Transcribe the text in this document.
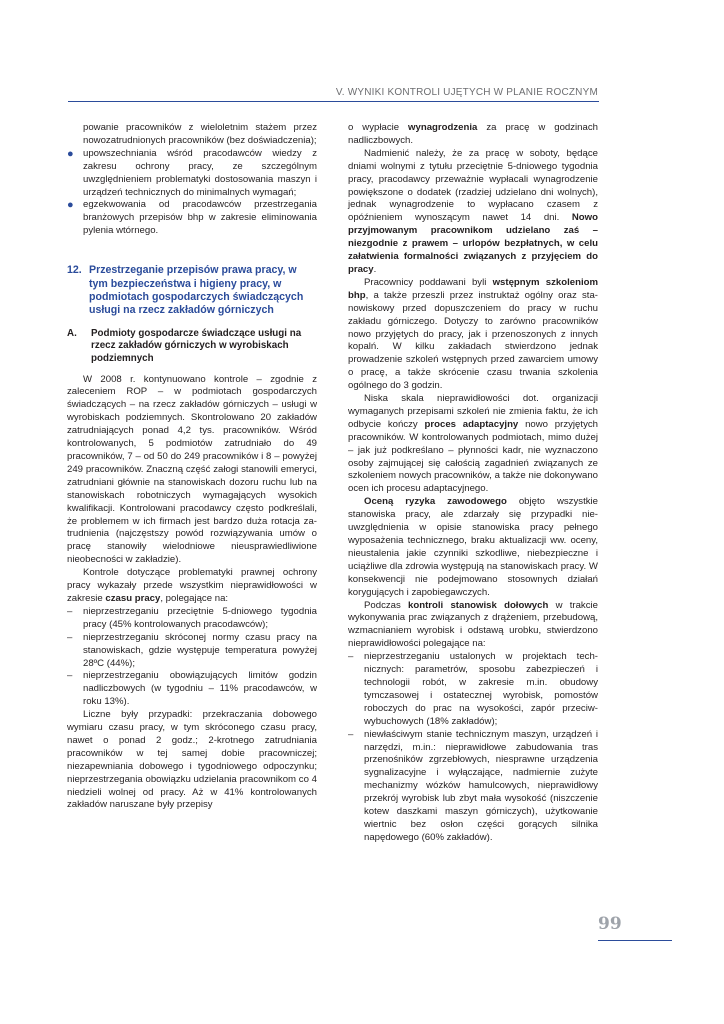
V. WYNIKI KONTROLI UJĘTYCH W PLANIE ROCZNYM

powanie pracowników z wieloletnim stażem przez nowozatrudnionych pracowników (bez doświadczenia);

● upowszechniania wśród pracodawców wiedzy z zakresu ochrony pracy, ze szczególnym uwzględnieniem problematyki dostosowania maszyn i urządzeń technicznych do minimalnych wymagań;
● egzekwowania od pracodawców przestrzegania branżowych przepisów bhp w zakresie eliminowania pylenia wtórnego.
12. Przestrzeganie przepisów prawa pracy, w tym bezpieczeństwa i higieny pracy, w podmiotach gospodarczych świadczących usługi na rzecz zakładów górniczych
A.	Podmioty gospodarcze świadczące usługi na rzecz zakładów górniczych w wyrobiskach podziemnych

W 2008 r. kontynuowano kontrole – zgodnie z zaleceniem ROP – w podmiotach gospodarczych świadczących – na rzecz zakładów górniczych – usługi w wyrobiskach podziemnych. Skontrolowano 20 zakładów zatrudniających ponad 4,2 tys. pracowników. Wśród kontrolowanych, 5 podmiotów zatrudniało do 49 pracowników, 7 – od 50 do 249 pracowników i 8 – powyżej 249 pracowników. Znaczną część załogi stanowili emeryci, zatrudniani głównie na stanowiskach dozoru ruchu lub na stanowiskach robotniczych wymagających wysokich kwalifikacji. Kontrolowani pracodawcy często podkreślali, że problemem w ich firmach jest bardzo duża rotacja zatrudnienia (najczęstszy powód rozwiązywania umów o pracę stanowiły wielodniowe nieusprawiedliwione nieobecności w zakładzie).

Kontrole dotyczące problematyki prawnej ochrony pracy wykazały przede wszystkim nieprawidłowości w zakresie czasu pracy, polegające na:

– nieprzestrzeganiu przeciętnie 5-dniowego tygodnia pracy (45% kontrolowanych pracodawców);
– nieprzestrzeganiu skróconej normy czasu pracy na stanowiskach, gdzie występuje temperatura powyżej 28ºC (44%);
– nieprzestrzeganiu obowiązujących limitów godzin nadliczbowych (w tygodniu – 11% pracodawców, w roku 13%).

Liczne były przypadki: przekraczania dobowego wymiaru czasu pracy, w tym skróconego czasu pracy, nawet o ponad 2 godz.; 2-krotnego zatrudniania pracowników w tej samej dobie pracowniczej; niezapewniania dobowego i tygodniowego odpoczynku; nieprzestrzegania obowiązku udzielania pracownikom co 4 niedzieli wolnej od pracy. Aż w 41% kontrolowanych zakładów naruszane były przepisy

o wypłacie wynagrodzenia za pracę w godzinach nadliczbowych.

Nadmienić należy, że za pracę w soboty, będące dniami wolnymi z tytułu przeciętnie 5-dniowego tygodnia pracy, pracodawcy przeważnie wypłacali wynagrodzenie powiększone o dodatek (rzadziej udzielano dni wolnych), jednak wynagrodzenie to wypłacano czasem z opóźnieniem wynoszącym nawet 14 dni. Nowo przyjmowanym pracownikom udzielano zaś – niezgodnie z prawem – urlopów bezpłatnych, w celu załatwienia formalności związanych z przyjęciem do pracy.

Pracownicy poddawani byli wstępnym szkoleniom bhp, a także przeszli przez instruktaż ogólny oraz stanowiskowy przed dopuszczeniem do pracy w ruchu zakładu górniczego. Dotyczy to zarówno pracowników nowo przyjętych do pracy, jak i przenoszonych z innych kopalń. W kilku zakładach stwierdzono jednak prowadzenie szkoleń wstępnych przed zawarciem umowy o pracę, a także skrócenie czasu trwania szkolenia ogólnego do 3 godzin.

Niska skala nieprawidłowości dot. organizacji wymaganych przepisami szkoleń nie zmienia faktu, że ich odbycie kończy proces adaptacyjny nowo przyjętych pracowników. W kontrolowanych podmiotach, mimo dużej – jak już podkreślano – płynności kadr, nie wyznaczono osoby zajmującej się całością zagadnień związanych ze szkoleniem nowych pracowników, a także nie dokonywano ocen ich procesu adaptacyjnego.

Oceną ryzyka zawodowego objęto wszystkie stanowiska pracy, ale zdarzały się przypadki nieuwzględnienia w opisie stanowiska pracy pełnego wyposażenia technicznego, braku aktualizacji ww. oceny, nieustalenia jakie czynniki szkodliwe, niebezpieczne i uciążliwe dla zdrowia występują na stanowiskach pracy. W konsekwencji nie podejmowano stosownych działań korygujących i zapobiegawczych.

Podczas kontroli stanowisk dołowych w trakcie wykonywania prac związanych z drążeniem, przebudową, wzmacnianiem wyrobisk i odstawą urobku, stwierdzono nieprawidłowości polegające na:

– nieprzestrzeganiu ustalonych w projektach technicznych: parametrów, sposobu zabezpieczeń i technologii robót, w zakresie m.in. obudowy tymczasowej i ostatecznej wyrobisk, pomostów roboczych do prac na wysokości, zapór przeciwwybuchowych (18% zakładów);
– niewłaściwym stanie technicznym maszyn, urządzeń i narzędzi, m.in.: nieprawidłowe zabudowania tras przenośników zgrzebłowych, niesprawne urządzenia sygnalizacyjne i wyłączające, nadmiernie zużyte mechanizmy wózków hamulcowych, nieprawidłowy przekrój wyrobisk lub zbyt mała wysokość (niszczenie kotew daszkami maszyn górniczych), użytkowanie wiertnic bez osłon części gorących silnika napędowego (60% zakładów).
99
